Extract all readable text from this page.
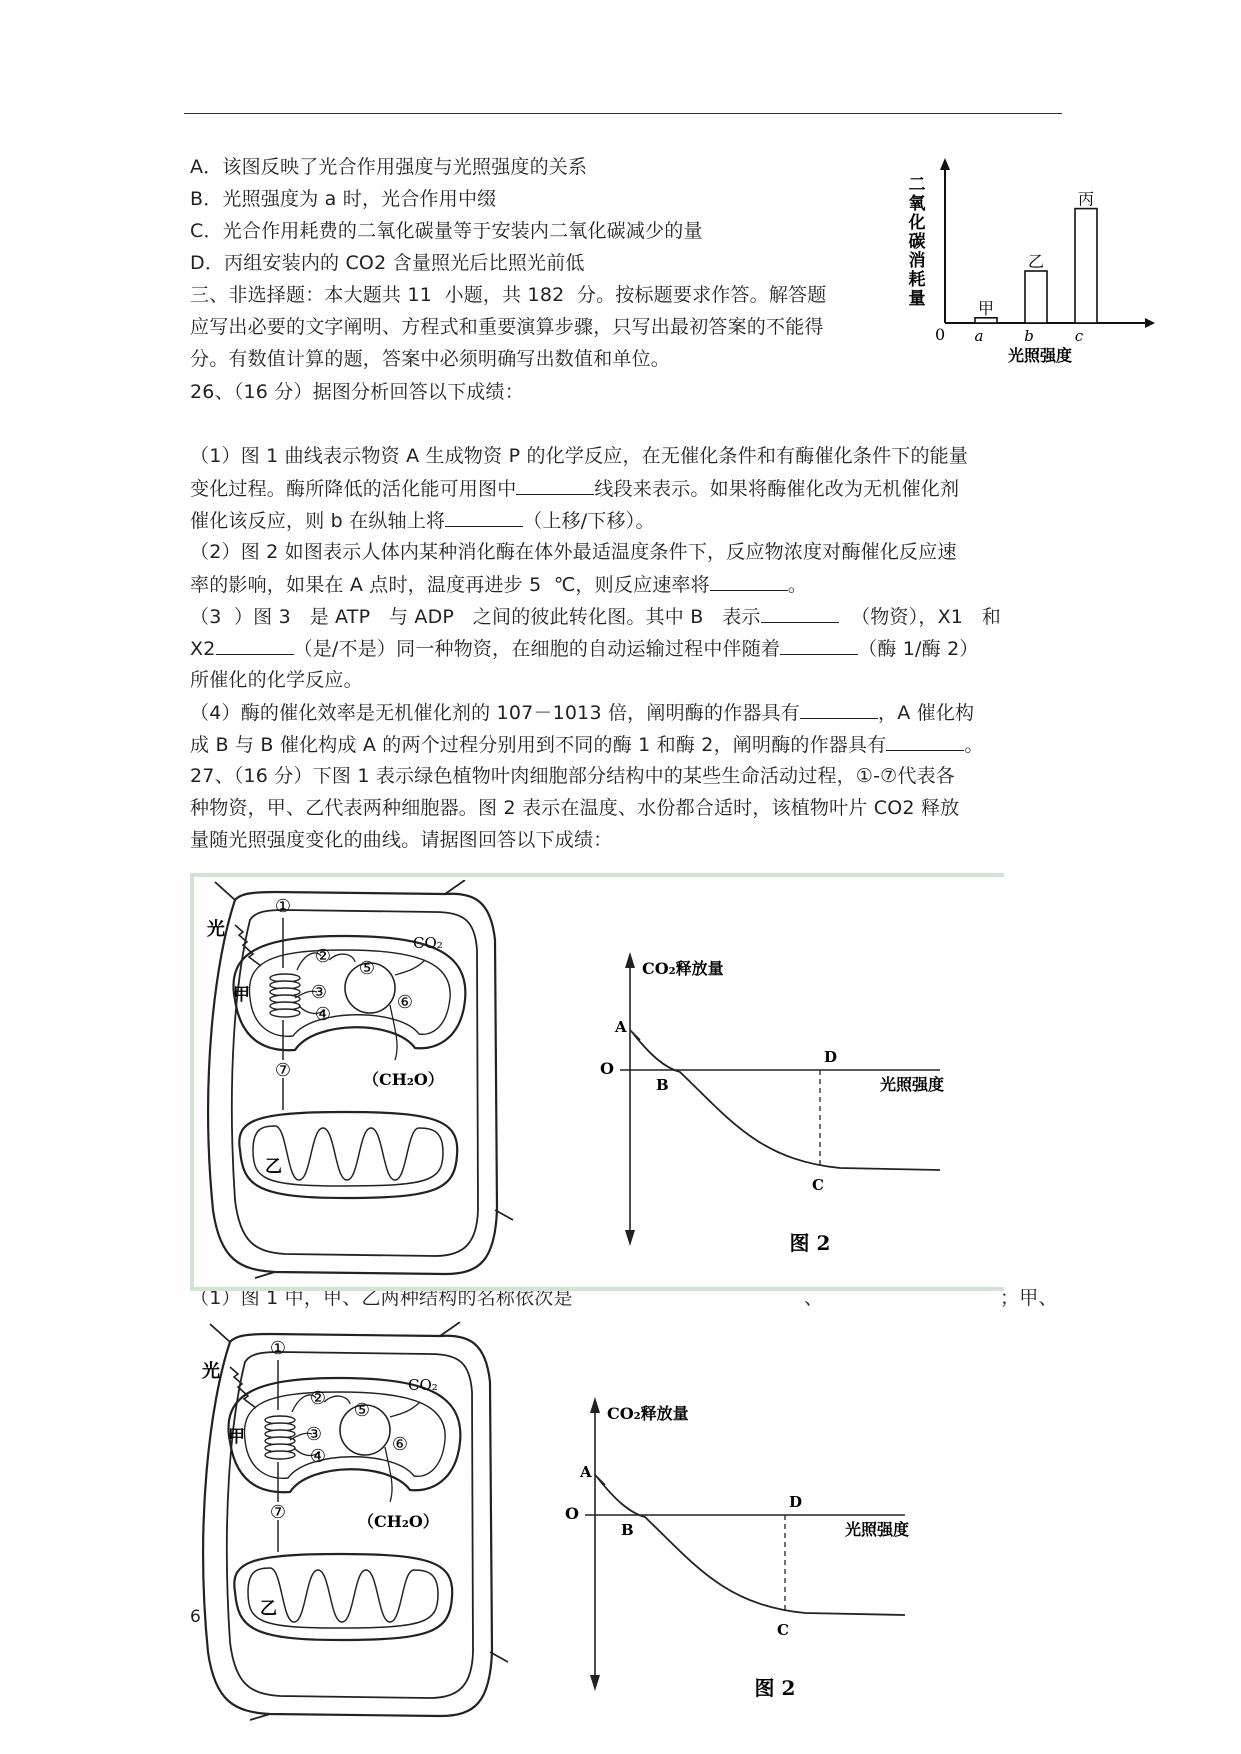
A．该图反映了光合作用强度与光照强度的关系
B．光照强度为 a 时，光合作用中缀
C．光合作用耗费的二氧化碳量等于安装内二氧化碳减少的量
D．丙组安装内的 CO2 含量照光后比照光前低
三、非选择题：本大题共 11  小题，共 182  分。按标题要求作答。解答题
应写出必要的文字阐明、方程式和重要演算步骤，只写出最初答案的不能得
分。有数值计算的题，答案中必须明确写出数值和单位。
26、（16 分）据图分析回答以下成绩：
（1）图 1 曲线表示物资 A 生成物资 P 的化学反应，在无催化条件和有酶催化条件下的能量
变化过程。酶所降低的活化能可用图中	线段来表示。如果将酶催化改为无机催化剂
催化该反应，则 b 在纵轴上将	（上移/下移）。
（2）图 2 如图表示人体内某种消化酶在体外最适温度条件下，反应物浓度对酶催化反应速
率的影响，如果在 A 点时，温度再进步 5  ℃，则反应速率将	。
（3  ）图 3   是 ATP   与 ADP   之间的彼此转化图。其中 B   表示	（物资），X1   和
X2	（是/不是）同一种物资，在细胞的自动运输过程中伴随着	（酶 1/酶 2）
所催化的化学反应。
（4）酶的催化效率是无机催化剂的 107－1013 倍，阐明酶的作器具有	，A 催化构
成 B 与 B 催化构成 A 的两个过程分别用到不同的酶 1 和酶 2，阐明酶的作器具有	。
27、（16 分）下图 1 表示绿色植物叶肉细胞部分结构中的某些生命活动过程，①-⑦代表各
种物资，甲、乙代表两种细胞器。图 2 表示在温度、水份都合适时，该植物叶片 CO2 释放
量随光照强度变化的曲线。请据图回答以下成绩：
（1）图 1 中，甲、乙两种结构的名称依次是	、	；甲、
二
氧
化
碳
消
耗
量
0
甲
a
乙
b
丙
c
光照强度
光
甲
乙
CO₂
（CH₂O）
①
②
③
④
⑤
⑥
⑦	O
A
B
C
D
CO₂释放量
光照强度
图 2
光
甲
乙
CO₂
（CH₂O）
①
②
③
④
⑤
⑥
⑦	O
A
B
C
D
CO₂释放量
光照强度
图 2
6
